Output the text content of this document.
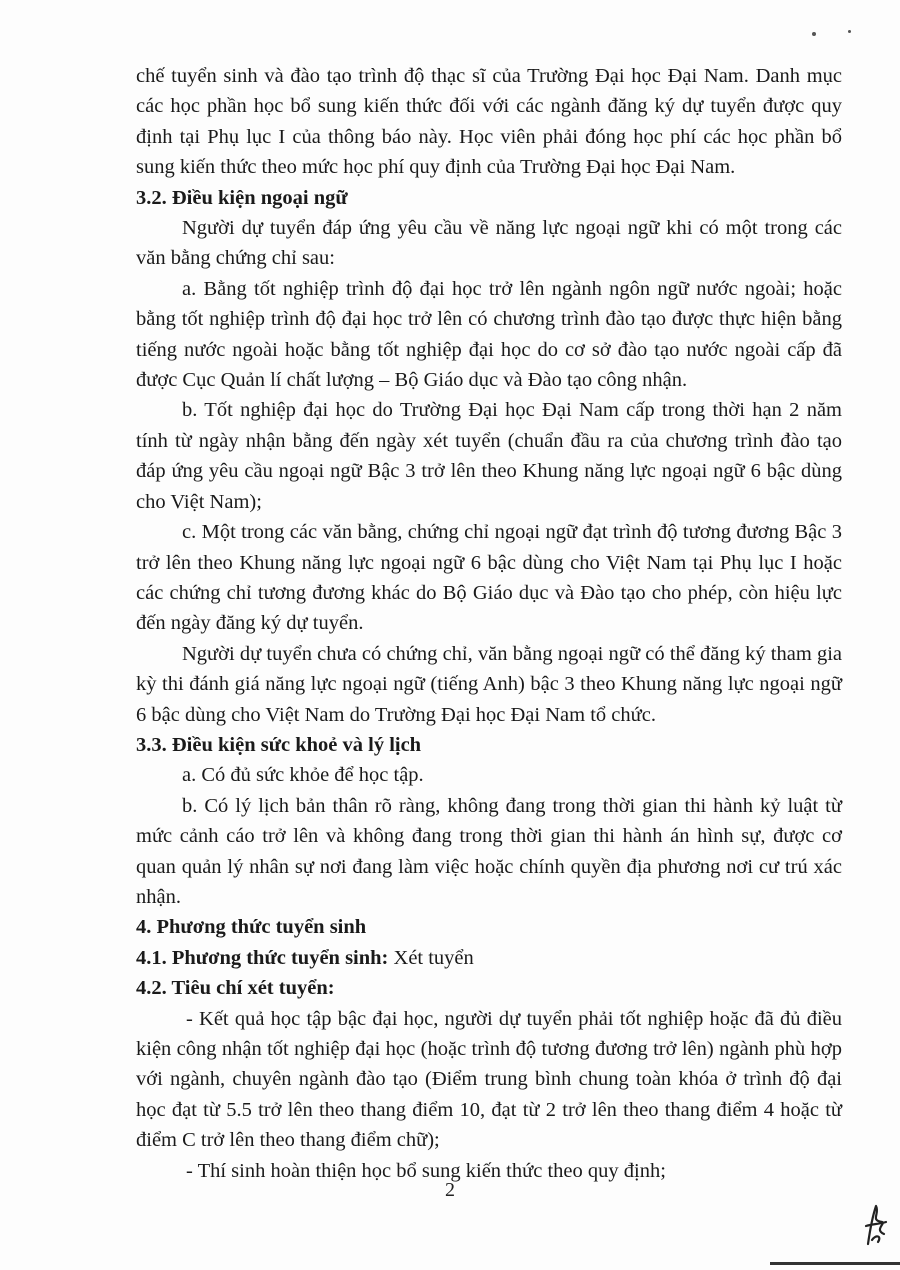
chế tuyển sinh và đào tạo trình độ thạc sĩ của Trường Đại học Đại Nam. Danh mục các học phần học bổ sung kiến thức đối với các ngành đăng ký dự tuyển được quy định tại Phụ lục I của thông báo này. Học viên phải đóng học phí các học phần bổ sung kiến thức theo mức học phí quy định của Trường Đại học Đại Nam.

3.2. Điều kiện ngoại ngữ

Người dự tuyển đáp ứng yêu cầu về năng lực ngoại ngữ khi có một trong các văn bằng chứng chỉ sau:

a. Bằng tốt nghiệp trình độ đại học trở lên ngành ngôn ngữ nước ngoài; hoặc bằng tốt nghiệp trình độ đại học trở lên có chương trình đào tạo được thực hiện bằng tiếng nước ngoài hoặc bằng tốt nghiệp đại học do cơ sở đào tạo nước ngoài cấp đã được Cục Quản lí chất lượng – Bộ Giáo dục và Đào tạo công nhận.

b. Tốt nghiệp đại học do Trường Đại học Đại Nam cấp trong thời hạn 2 năm tính từ ngày nhận bằng đến ngày xét tuyển (chuẩn đầu ra của chương trình đào tạo đáp ứng yêu cầu ngoại ngữ Bậc 3 trở lên theo Khung năng lực ngoại ngữ 6 bậc dùng cho Việt Nam);

c. Một trong các văn bằng, chứng chỉ ngoại ngữ đạt trình độ tương đương Bậc 3 trở lên theo Khung năng lực ngoại ngữ 6 bậc dùng cho Việt Nam tại Phụ lục I hoặc các chứng chỉ tương đương khác do Bộ Giáo dục và Đào tạo cho phép, còn hiệu lực đến ngày đăng ký dự tuyển.

Người dự tuyển chưa có chứng chỉ, văn bằng ngoại ngữ có thể đăng ký tham gia kỳ thi đánh giá năng lực ngoại ngữ (tiếng Anh) bậc 3 theo Khung năng lực ngoại ngữ 6 bậc dùng cho Việt Nam do Trường Đại học Đại Nam tổ chức.

3.3. Điều kiện sức khoẻ và lý lịch

a. Có đủ sức khỏe để học tập.

b. Có lý lịch bản thân rõ ràng, không đang trong thời gian thi hành kỷ luật từ mức cảnh cáo trở lên và không đang trong thời gian thi hành án hình sự, được cơ quan quản lý nhân sự nơi đang làm việc hoặc chính quyền địa phương nơi cư trú xác nhận.

4. Phương thức tuyển sinh

4.1. Phương thức tuyển sinh: Xét tuyển

4.2. Tiêu chí xét tuyển:

- Kết quả học tập bậc đại học, người dự tuyển phải tốt nghiệp hoặc đã đủ điều kiện công nhận tốt nghiệp đại học (hoặc trình độ tương đương trở lên) ngành phù hợp với ngành, chuyên ngành đào tạo (Điểm trung bình chung toàn khóa ở trình độ đại học đạt từ 5.5 trở lên theo thang điểm 10, đạt từ 2 trở lên theo thang điểm 4 hoặc từ điểm C trở lên theo thang điểm chữ);

- Thí sinh hoàn thiện học bổ sung kiến thức theo quy định;

2
